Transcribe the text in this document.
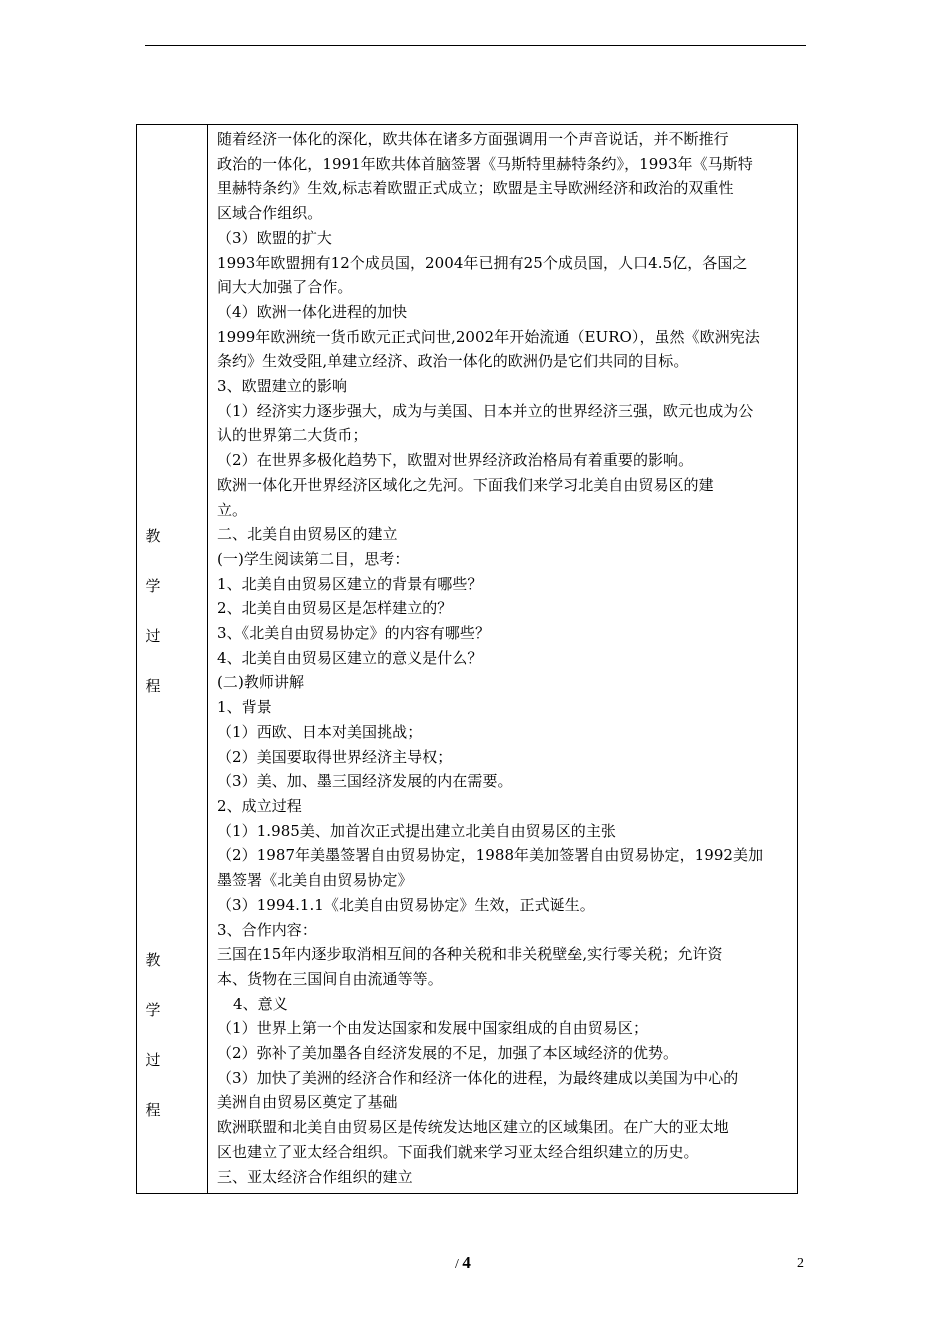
教
学
过
程
教
学
过
程

随着经济一体化的深化，欧共体在诸多方面强调用一个声音说话，并不断推行

政治的一体化，1991年欧共体首脑签署《马斯特里赫特条约》，1993年《马斯特

里赫特条约》生效,标志着欧盟正式成立；欧盟是主导欧洲经济和政治的双重性

区域合作组织。

（3）欧盟的扩大

1993年欧盟拥有12个成员国，2004年已拥有25个成员国，人口4.5亿，各国之

间大大加强了合作。

（4）欧洲一体化进程的加快

1999年欧洲统一货币欧元正式问世,2002年开始流通（EURO），虽然《欧洲宪法

条约》生效受阻,单建立经济、政治一体化的欧洲仍是它们共同的目标。

3、欧盟建立的影响

（1）经济实力逐步强大，成为与美国、日本并立的世界经济三强，欧元也成为公

认的世界第二大货币；

（2）在世界多极化趋势下，欧盟对世界经济政治格局有着重要的影响。

欧洲一体化开世界经济区域化之先河。下面我们来学习北美自由贸易区的建

立。

二、北美自由贸易区的建立

(一)学生阅读第二目，思考：

1、北美自由贸易区建立的背景有哪些？

2、北美自由贸易区是怎样建立的？

3、《北美自由贸易协定》的内容有哪些？

4、北美自由贸易区建立的意义是什么？

(二)教师讲解

1、背景

（1）西欧、日本对美国挑战；

（2）美国要取得世界经济主导权；

（3）美、加、墨三国经济发展的内在需要。

2、成立过程

（1）1.985美、加首次正式提出建立北美自由贸易区的主张

（2）1987年美墨签署自由贸易协定，1988年美加签署自由贸易协定，1992美加

墨签署《北美自由贸易协定》

（3）1994.1.1《北美自由贸易协定》生效，正式诞生。

3、合作内容：

三国在15年内逐步取消相互间的各种关税和非关税壁垒,实行零关税；允许资

本、货物在三国间自由流通等等。

4、意义

（1）世界上第一个由发达国家和发展中国家组成的自由贸易区；

（2）弥补了美加墨各自经济发展的不足，加强了本区域经济的优势。

（3）加快了美洲的经济合作和经济一体化的进程，为最终建成以美国为中心的

美洲自由贸易区奠定了基础

欧洲联盟和北美自由贸易区是传统发达地区建立的区域集团。在广大的亚太地

区也建立了亚太经合组织。下面我们就来学习亚太经合组织建立的历史。

三、亚太经济合作组织的建立

/ 4	2
